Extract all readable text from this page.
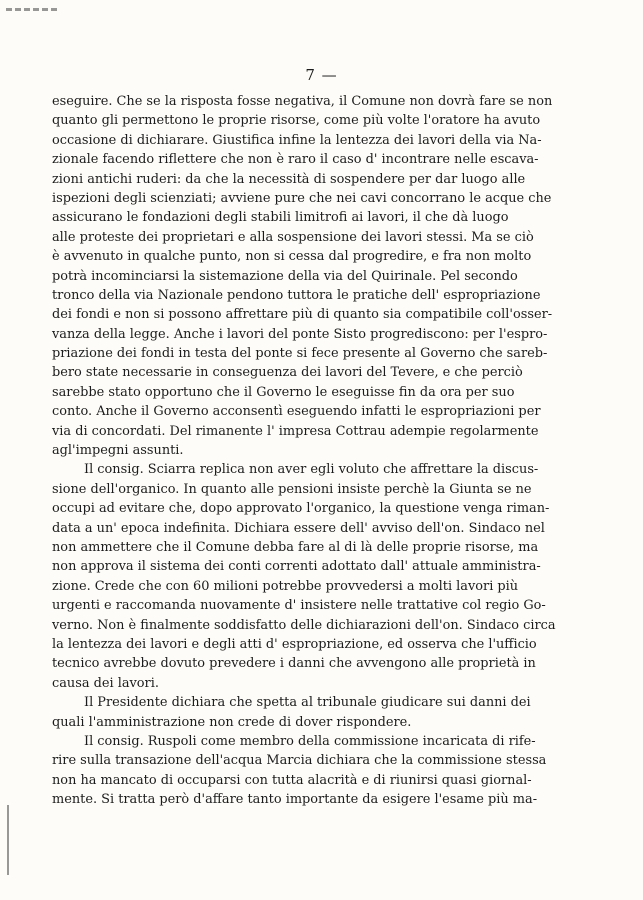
7 —
eseguire. Che se la risposta fosse negativa, il Comune non dovrà fare se non
quanto gli permettono le proprie risorse, come più volte l'oratore ha avuto
occasione di dichiarare. Giustifica infine la lentezza dei lavori della via Na-
zionale facendo riflettere che non è raro il caso d' incontrare nelle escava-
zioni antichi ruderi: da che la necessità di sospendere per dar luogo alle
ispezioni degli scienziati; avviene pure che nei cavi concorrano le acque che
assicurano le fondazioni degli stabili limitrofi ai lavori, il che dà luogo
alle proteste dei proprietari e alla sospensione dei lavori stessi. Ma se ciò
è avvenuto in qualche punto, non si cessa dal progredire, e fra non molto
potrà incominciarsi la sistemazione della via del Quirinale. Pel secondo
tronco della via Nazionale pendono tuttora le pratiche dell' espropriazione
dei fondi e non si possono affrettare più di quanto sia compatibile coll'osser-
vanza della legge. Anche i lavori del ponte Sisto progrediscono: per l'espro-
priazione dei fondi in testa del ponte si fece presente al Governo che sareb-
bero state necessarie in conseguenza dei lavori del Tevere, e che perciò
sarebbe stato opportuno che il Governo le eseguisse fin da ora per suo
conto. Anche il Governo acconsentì eseguendo infatti le espropriazioni per
via di concordati. Del rimanente l' impresa Cottrau adempie regolarmente
agl'impegni assunti.
Il consig. Sciarra replica non aver egli voluto che affrettare la discus-
sione dell'organico. In quanto alle pensioni insiste perchè la Giunta se ne
occupi ad evitare che, dopo approvato l'organico, la questione venga riman-
data a un' epoca indefinita. Dichiara essere dell' avviso dell'on. Sindaco nel
non ammettere che il Comune debba fare al di là delle proprie risorse, ma
non approva il sistema dei conti correnti adottato dall' attuale amministra-
zione. Crede che con 60 milioni potrebbe provvedersi a molti lavori più
urgenti e raccomanda nuovamente d' insistere nelle trattative col regio Go-
verno. Non è finalmente soddisfatto delle dichiarazioni dell'on. Sindaco circa
la lentezza dei lavori e degli atti d' espropriazione, ed osserva che l'ufficio
tecnico avrebbe dovuto prevedere i danni che avvengono alle proprietà in
causa dei lavori.
Il Presidente dichiara che spetta al tribunale giudicare sui danni dei
quali l'amministrazione non crede di dover rispondere.
Il consig. Ruspoli come membro della commissione incaricata di rife-
rire sulla transazione dell'acqua Marcia dichiara che la commissione stessa
non ha mancato di occuparsi con tutta alacrità e di riunirsi quasi giornal-
mente. Si tratta però d'affare tanto importante da esigere l'esame più ma-
